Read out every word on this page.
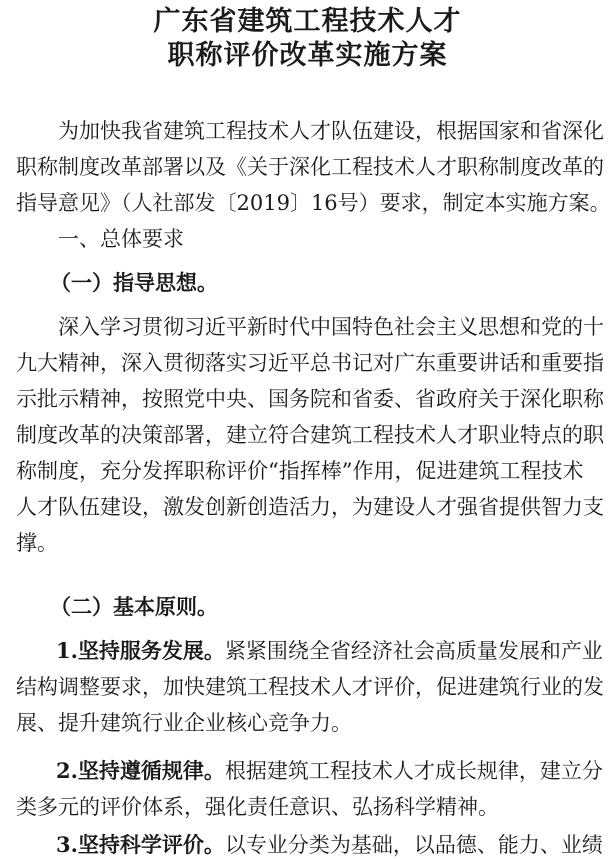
广东省建筑工程技术人才
职称评价改革实施方案

为加快我省建筑工程技术人才队伍建设，根据国家和省深化

职称制度改革部署以及《关于深化工程技术人才职称制度改革的

指导意见》（人社部发〔2019〕16号）要求，制定本实施方案。

一、总体要求

（一）指导思想。

深入学习贯彻习近平新时代中国特色社会主义思想和党的十

九大精神，深入贯彻落实习近平总书记对广东重要讲话和重要指

示批示精神，按照党中央、国务院和省委、省政府关于深化职称

制度改革的决策部署，建立符合建筑工程技术人才职业特点的职

称制度，充分发挥职称评价“指挥棒”作用，促进建筑工程技术

人才队伍建设，激发创新创造活力，为建设人才强省提供智力支

撑。

（二）基本原则。

1.坚持服务发展。紧紧围绕全省经济社会高质量发展和产业

结构调整要求，加快建筑工程技术人才评价，促进建筑行业的发

展、提升建筑行业企业核心竞争力。

2.坚持遵循规律。根据建筑工程技术人才成长规律，建立分

类多元的评价体系，强化责任意识、弘扬科学精神。

3.坚持科学评价。以专业分类为基础，以品德、能力、业绩
